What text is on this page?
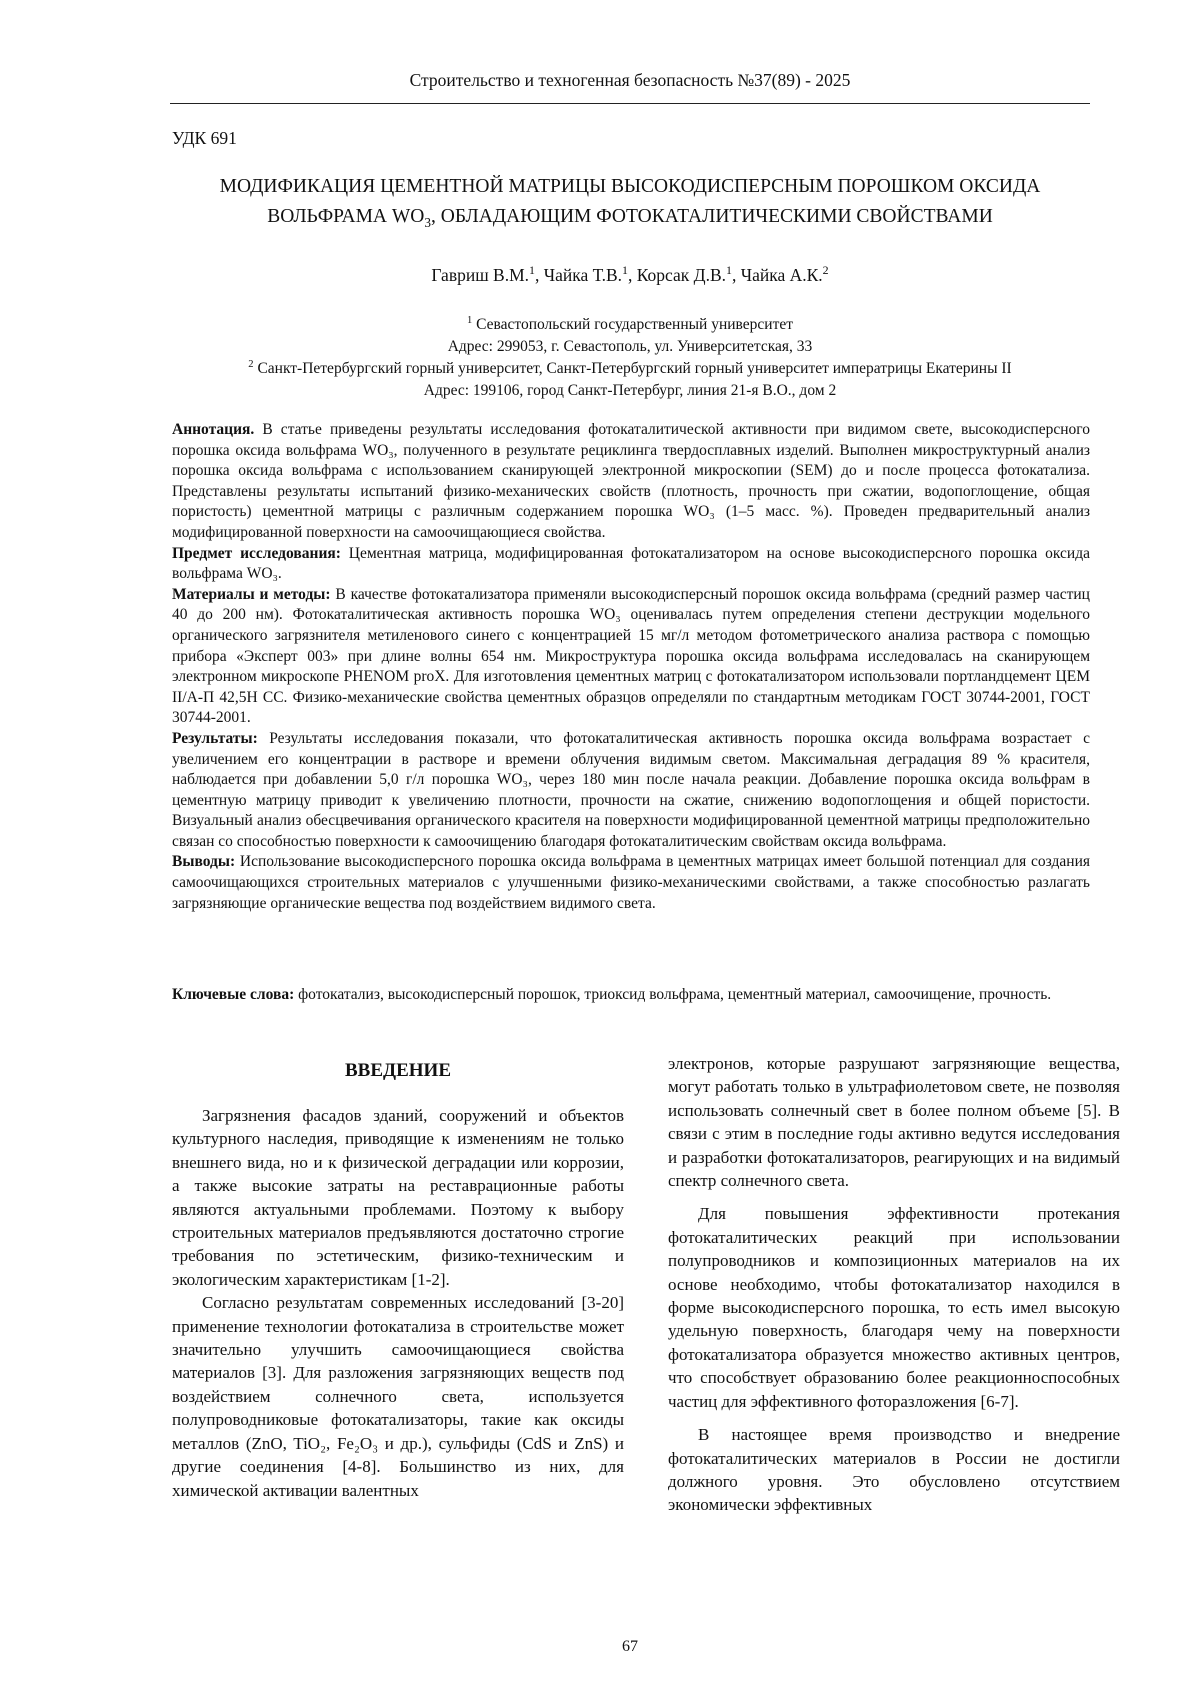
Строительство и техногенная безопасность №37(89) - 2025
УДК 691
МОДИФИКАЦИЯ ЦЕМЕНТНОЙ МАТРИЦЫ ВЫСОКОДИСПЕРСНЫМ ПОРОШКОМ ОКСИДА
ВОЛЬФРАМА $WO_3$, ОБЛАДАЮЩИМ ФОТОКАТАЛИТИЧЕСКИМИ СВОЙСТВАМИ
Гавриш В.М.$^1$, Чайка Т.В.$^1$, Корсак Д.В.$^1$, Чайка А.К.$^2$
$^1$ Севастопольский государственный университет
Адрес: 299053, г. Севастополь, ул. Университетская, 33
$^2$ Санкт-Петербургский горный университет, Санкт-Петербургский горный университет императрицы Екатерины II
Адрес: 199106, город Санкт-Петербург, линия 21-я В.О., дом 2

Аннотация. В статье приведены результаты исследования фотокаталитической активности при видимом свете, высокодисперсного порошка оксида вольфрама WO₃, полученного в результате рециклинга твердосплавных изделий. Выполнен микроструктурный анализ порошка оксида вольфрама с использованием сканирующей электронной микроскопии (SEM) до и после процесса фотокатализа. Представлены результаты испытаний физико-механических свойств (плотность, прочность при сжатии, водопоглощение, общая пористость) цементной матрицы с различным содержанием порошка WO₃ (1–5 масс. %). Проведен предварительный анализ модифицированной поверхности на самоочищающиеся свойства.

Предмет исследования: Цементная матрица, модифицированная фотокатализатором на основе высокодисперсного порошка оксида вольфрама WO₃.

Материалы и методы: В качестве фотокатализатора применяли высокодисперсный порошок оксида вольфрама (средний размер частиц 40 до 200 нм). Фотокаталитическая активность порошка WO₃ оценивалась путем определения степени деструкции модельного органического загрязнителя метиленового синего с концентрацией 15 мг/л методом фотометрического анализа раствора с помощью прибора «Эксперт 003» при длине волны 654 нм. Микроструктура порошка оксида вольфрама исследовалась на сканирующем электронном микроскопе PHENOM proX. Для изготовления цементных матриц с фотокатализатором использовали портландцемент ЦЕМ II/А-П 42,5Н СС. Физико-механические свойства цементных образцов определяли по стандартным методикам ГОСТ 30744-2001, ГОСТ 30744-2001.

Результаты: Результаты исследования показали, что фотокаталитическая активность порошка оксида вольфрама возрастает с увеличением его концентрации в растворе и времени облучения видимым светом. Максимальная деградация 89 % красителя, наблюдается при добавлении 5,0 г/л порошка WO₃, через 180 мин после начала реакции. Добавление порошка оксида вольфрам в цементную матрицу приводит к увеличению плотности, прочности на сжатие, снижению водопоглощения и общей пористости. Визуальный анализ обесцвечивания органического красителя на поверхности модифицированной цементной матрицы предположительно связан со способностью поверхности к самоочищению благодаря фотокаталитическим свойствам оксида вольфрама.

Выводы: Использование высокодисперсного порошка оксида вольфрама в цементных матрицах имеет большой потенциал для создания самоочищающихся строительных материалов с улучшенными физико-механическими свойствами, а также способностью разлагать загрязняющие органические вещества под воздействием видимого света.

Ключевые слова: фотокатализ, высокодисперсный порошок, триоксид вольфрама, цементный материал, самоочищение, прочность.
ВВЕДЕНИЕ

Загрязнения фасадов зданий, сооружений и объектов культурного наследия, приводящие к изменениям не только внешнего вида, но и к физической деградации или коррозии, а также высокие затраты на реставрационные работы являются актуальными проблемами. Поэтому к выбору строительных материалов предъявляются достаточно строгие требования по эстетическим, физико-техническим и экологическим характеристикам [1-2].

Согласно результатам современных исследований [3-20] применение технологии фотокатализа в строительстве может значительно улучшить самоочищающиеся свойства материалов [3]. Для разложения загрязняющих веществ под воздействием солнечного света, используется полупроводниковые фотокатализаторы, такие как оксиды металлов (ZnO, TiO₂, Fe₂O₃ и др.), сульфиды (CdS и ZnS) и другие соединения [4-8]. Большинство из них, для химической активации валентных

электронов, которые разрушают загрязняющие вещества, могут работать только в ультрафиолетовом свете, не позволяя использовать солнечный свет в более полном объеме [5]. В связи с этим в последние годы активно ведутся исследования и разработки фотокатализаторов, реагирующих и на видимый спектр солнечного света.

Для повышения эффективности протекания фотокаталитических реакций при использовании полупроводников и композиционных материалов на их основе необходимо, чтобы фотокатализатор находился в форме высокодисперсного порошка, то есть имел высокую удельную поверхность, благодаря чему на поверхности фотокатализатора образуется множество активных центров, что способствует образованию более реакционноспособных частиц для эффективного фоторазложения [6-7].

В настоящее время производство и внедрение фотокаталитических материалов в России не достигли должного уровня. Это обусловлено отсутствием экономически эффективных

67
